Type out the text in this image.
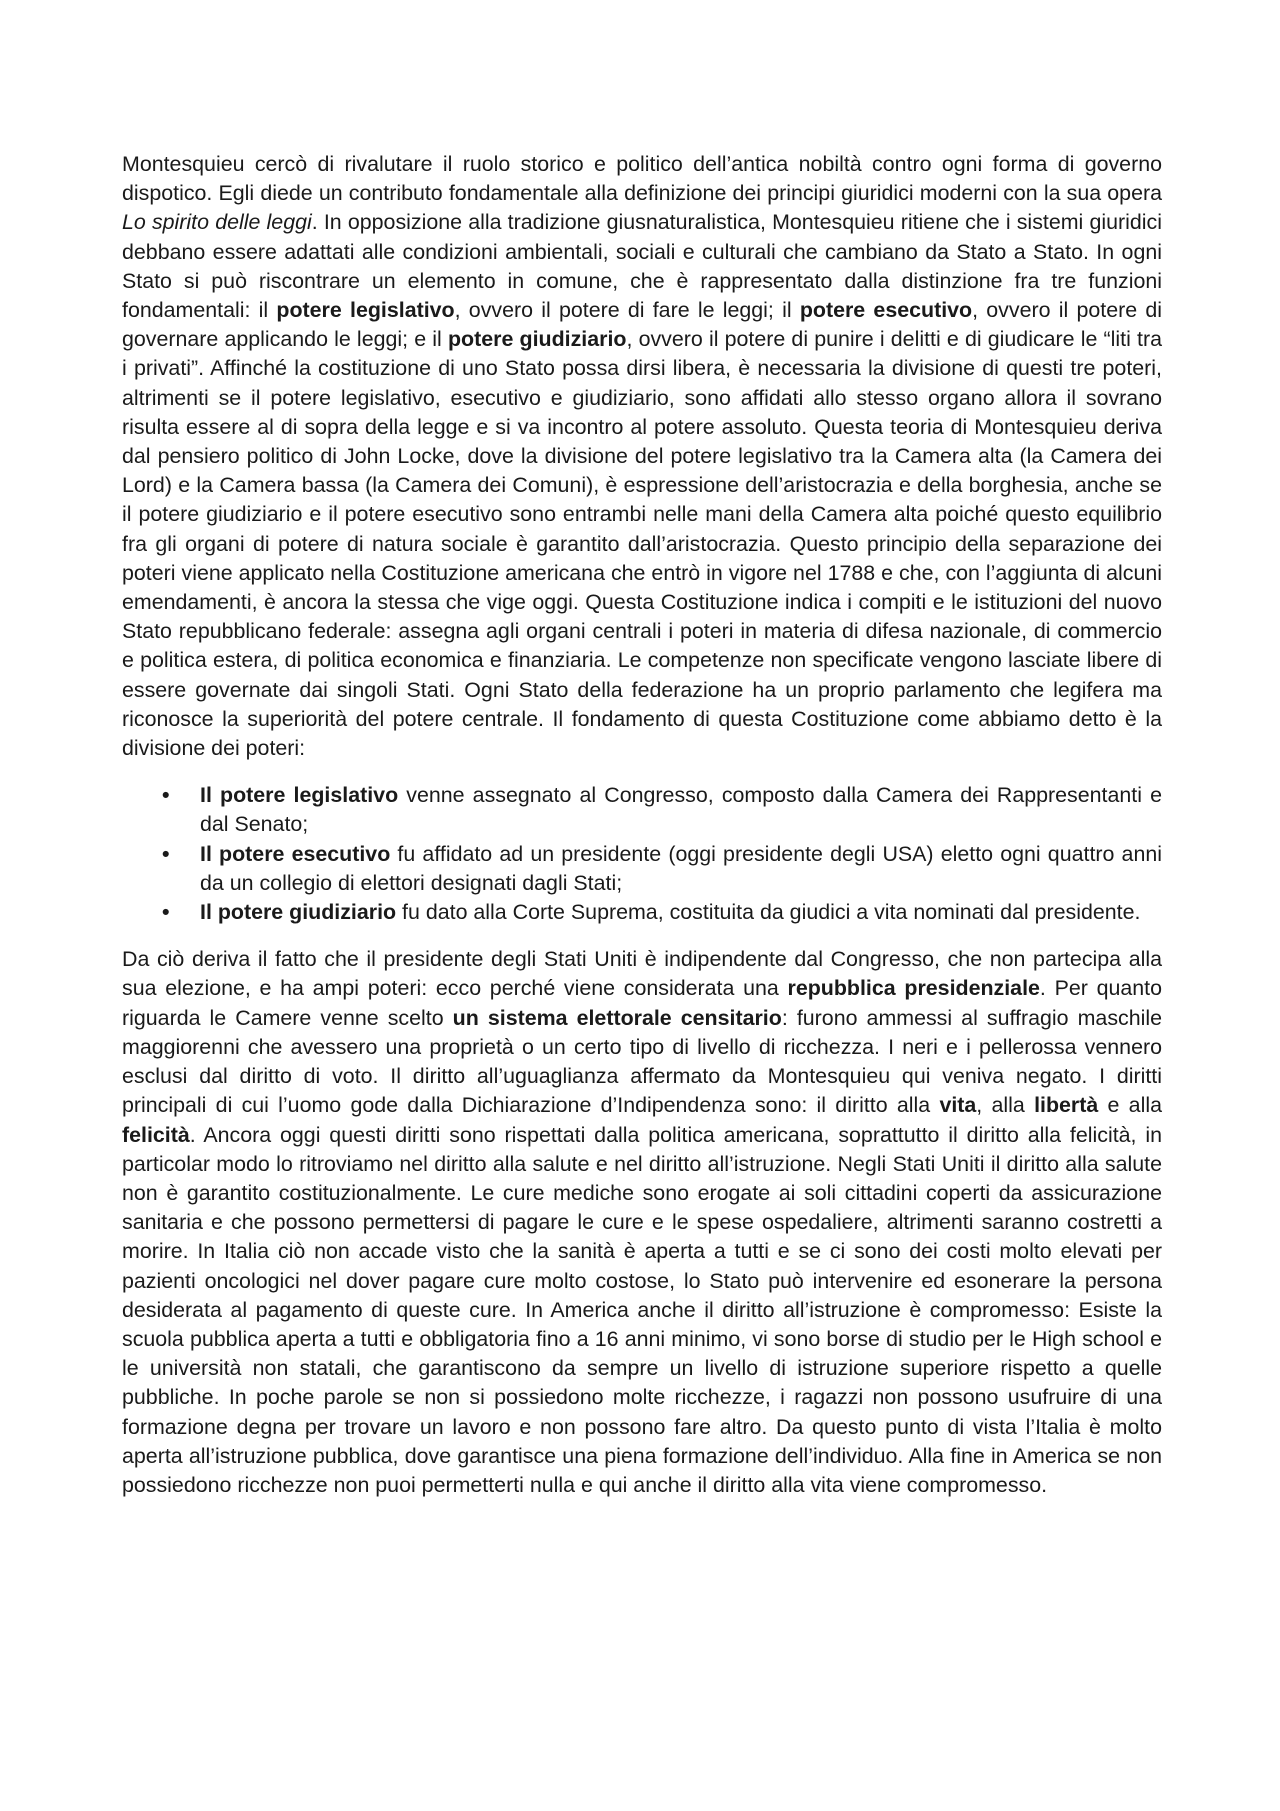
Montesquieu cercò di rivalutare il ruolo storico e politico dell’antica nobiltà contro ogni forma di governo dispotico. Egli diede un contributo fondamentale alla definizione dei principi giuridici moderni con la sua opera Lo spirito delle leggi. In opposizione alla tradizione giusnaturalistica, Montesquieu ritiene che i sistemi giuridici debbano essere adattati alle condizioni ambientali, sociali e culturali che cambiano da Stato a Stato. In ogni Stato si può riscontrare un elemento in comune, che è rappresentato dalla distinzione fra tre funzioni fondamentali: il potere legislativo, ovvero il potere di fare le leggi; il potere esecutivo, ovvero il potere di governare applicando le leggi; e il potere giudiziario, ovvero il potere di punire i delitti e di giudicare le “liti tra i privati”. Affinché la costituzione di uno Stato possa dirsi libera, è necessaria la divisione di questi tre poteri, altrimenti se il potere legislativo, esecutivo e giudiziario, sono affidati allo stesso organo allora il sovrano risulta essere al di sopra della legge e si va incontro al potere assoluto. Questa teoria di Montesquieu deriva dal pensiero politico di John Locke, dove la divisione del potere legislativo tra la Camera alta (la Camera dei Lord) e la Camera bassa (la Camera dei Comuni), è espressione dell’aristocrazia e della borghesia, anche se il potere giudiziario e il potere esecutivo sono entrambi nelle mani della Camera alta poiché questo equilibrio fra gli organi di potere di natura sociale è garantito dall’aristocrazia. Questo principio della separazione dei poteri viene applicato nella Costituzione americana che entrò in vigore nel 1788 e che, con l’aggiunta di alcuni emendamenti, è ancora la stessa che vige oggi. Questa Costituzione indica i compiti e le istituzioni del nuovo Stato repubblicano federale: assegna agli organi centrali i poteri in materia di difesa nazionale, di commercio e politica estera, di politica economica e finanziaria. Le competenze non specificate vengono lasciate libere di essere governate dai singoli Stati. Ogni Stato della federazione ha un proprio parlamento che legifera ma riconosce la superiorità del potere centrale. Il fondamento di questa Costituzione come abbiamo detto è la divisione dei poteri:

• Il potere legislativo venne assegnato al Congresso, composto dalla Camera dei Rappresentanti e dal Senato;
• Il potere esecutivo fu affidato ad un presidente (oggi presidente degli USA) eletto ogni quattro anni da un collegio di elettori designati dagli Stati;
• Il potere giudiziario fu dato alla Corte Suprema, costituita da giudici a vita nominati dal presidente.

Da ciò deriva il fatto che il presidente degli Stati Uniti è indipendente dal Congresso, che non partecipa alla sua elezione, e ha ampi poteri: ecco perché viene considerata una repubblica presidenziale. Per quanto riguarda le Camere venne scelto un sistema elettorale censitario: furono ammessi al suffragio maschile maggiorenni che avessero una proprietà o un certo tipo di livello di ricchezza. I neri e i pellerossa vennero esclusi dal diritto di voto. Il diritto all’uguaglianza affermato da Montesquieu qui veniva negato. I diritti principali di cui l’uomo gode dalla Dichiarazione d’Indipendenza sono: il diritto alla vita, alla libertà e alla felicità. Ancora oggi questi diritti sono rispettati dalla politica americana, soprattutto il diritto alla felicità, in particolar modo lo ritroviamo nel diritto alla salute e nel diritto all’istruzione. Negli Stati Uniti il diritto alla salute non è garantito costituzionalmente. Le cure mediche sono erogate ai soli cittadini coperti da assicurazione sanitaria e che possono permettersi di pagare le cure e le spese ospedaliere, altrimenti saranno costretti a morire. In Italia ciò non accade visto che la sanità è aperta a tutti e se ci sono dei costi molto elevati per pazienti oncologici nel dover pagare cure molto costose, lo Stato può intervenire ed esonerare la persona desiderata al pagamento di queste cure. In America anche il diritto all’istruzione è compromesso: Esiste la scuola pubblica aperta a tutti e obbligatoria fino a 16 anni minimo, vi sono borse di studio per le High school e le università non statali, che garantiscono da sempre un livello di istruzione superiore rispetto a quelle pubbliche. In poche parole se non si possiedono molte ricchezze, i ragazzi non possono usufruire di una formazione degna per trovare un lavoro e non possono fare altro. Da questo punto di vista l’Italia è molto aperta all’istruzione pubblica, dove garantisce una piena formazione dell’individuo. Alla fine in America se non possiedono ricchezze non puoi permetterti nulla e qui anche il diritto alla vita viene compromesso.
